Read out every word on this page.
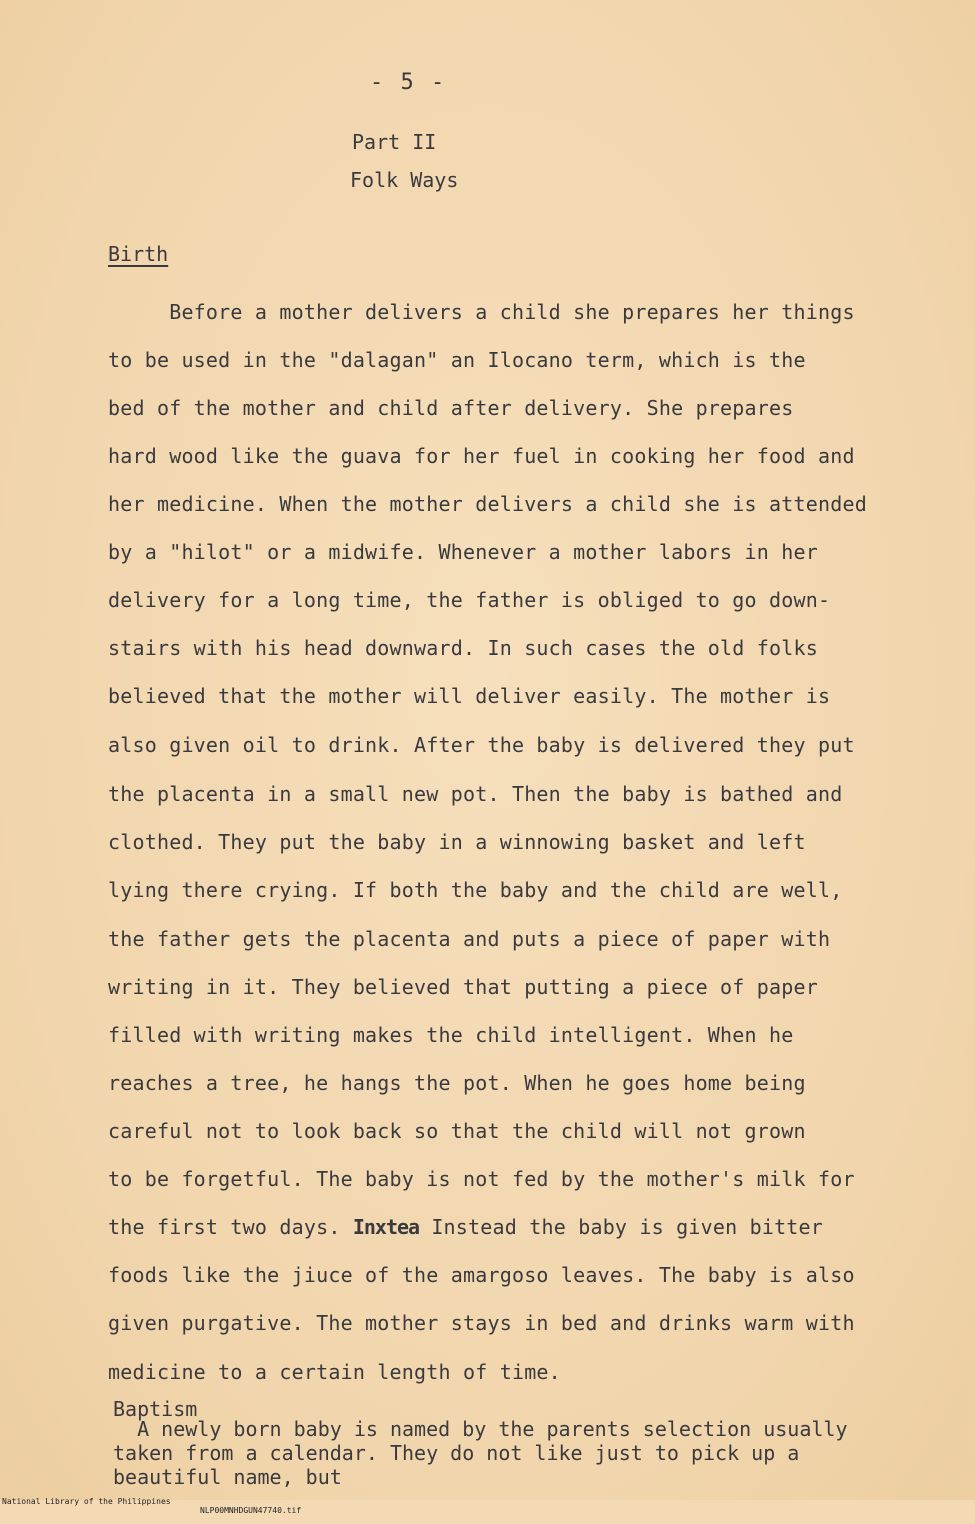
- 5 -
Part II
Folk Ways
Birth
Before a mother delivers a child she prepares her things
to be used in the "dalagan" an Ilocano term, which is the
bed of the mother and child after delivery. She prepares
hard wood like the guava for her fuel in cooking her food and
her medicine. When the mother delivers a child she is attended
by a "hilot" or a midwife. Whenever a mother labors in her
delivery for a long time, the father is obliged to go down-
stairs with his head downward. In such cases the old folks
believed that the mother will deliver easily. The mother is
also given oil to drink. After the baby is delivered they put
the placenta in a small new pot. Then the baby is bathed and
clothed. They put the baby in a winnowing basket and left
lying there crying. If both the baby and the child are well,
the father gets the placenta and puts a piece of paper with
writing in it. They believed that putting a piece of paper
filled with writing makes the child intelligent. When he
reaches a tree, he hangs the pot. When he goes home being
careful not to look back so that the child will not grown
to be forgetful. The baby is not fed by the mother's milk for
the first two days. Inxtea Instead the baby is given bitter
foods like the jiuce of the amargoso leaves. The baby is also
given purgative. The mother stays in bed and drinks warm with
medicine to a certain length of time.
Baptism
A newly born baby is named by the parents selection usually
taken from a calendar. They do not like just to pick up a
beautiful name, but

National Library of the Philippines

NLP00MNHDGUN47740.tif
